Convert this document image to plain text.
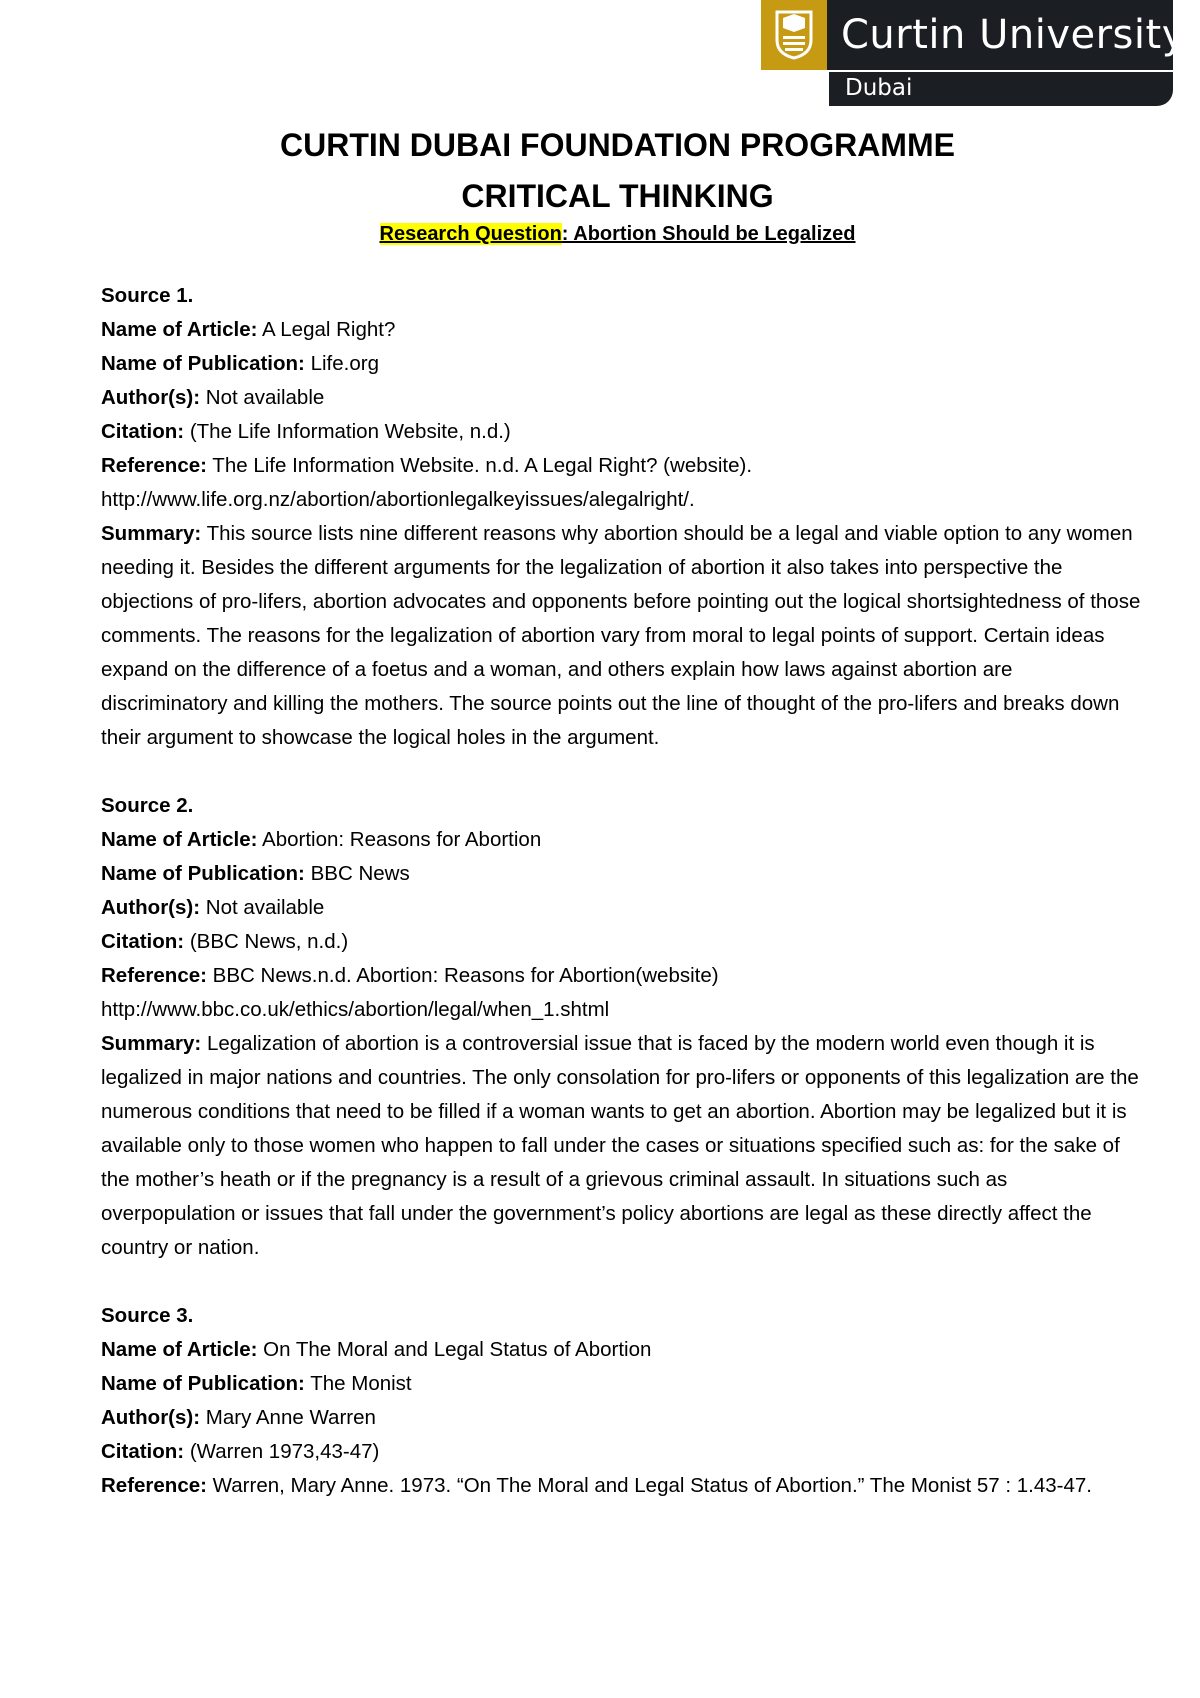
Curtin University
Dubai
CURTIN DUBAI FOUNDATION PROGRAMME
CRITICAL THINKING
Research Question: Abortion Should be Legalized
Source 1.
Name of Article: A Legal Right?
Name of Publication: Life.org
Author(s): Not available
Citation: (The Life Information Website, n.d.)
Reference: The Life Information Website. n.d. A Legal Right? (website).
http://www.life.org.nz/abortion/abortionlegalkeyissues/alegalright/.
Summary: This source lists nine different reasons why abortion should be a legal and viable option to any women needing it. Besides the different arguments for the legalization of abortion it also takes into perspective the objections of pro-lifers, abortion advocates and opponents before pointing out the logical shortsightedness of those comments. The reasons for the legalization of abortion vary from moral to legal points of support. Certain ideas expand on the difference of a foetus and a woman, and others explain how laws against abortion are discriminatory and killing the mothers. The source points out the line of thought of the pro-lifers and breaks down their argument to showcase the logical holes in the argument.
Source 2.
Name of Article: Abortion: Reasons for Abortion
Name of Publication: BBC News
Author(s): Not available
Citation: (BBC News, n.d.)
Reference: BBC News.n.d. Abortion: Reasons for Abortion(website)
http://www.bbc.co.uk/ethics/abortion/legal/when_1.shtml
Summary: Legalization of abortion is a controversial issue that is faced by the modern world even though it is legalized in major nations and countries. The only consolation for pro-lifers or opponents of this legalization are the numerous conditions that need to be filled if a woman wants to get an abortion. Abortion may be legalized but it is available only to those women who happen to fall under the cases or situations specified such as: for the sake of the mother’s heath or if the pregnancy is a result of a grievous criminal assault. In situations such as overpopulation or issues that fall under the government’s policy abortions are legal as these directly affect the country or nation.
Source 3.
Name of Article: On The Moral and Legal Status of Abortion
Name of Publication: The Monist
Author(s): Mary Anne Warren
Citation: (Warren 1973,43-47)
Reference: Warren, Mary Anne. 1973. “On The Moral and Legal Status of Abortion.” The Monist 57 : 1.43-47.
